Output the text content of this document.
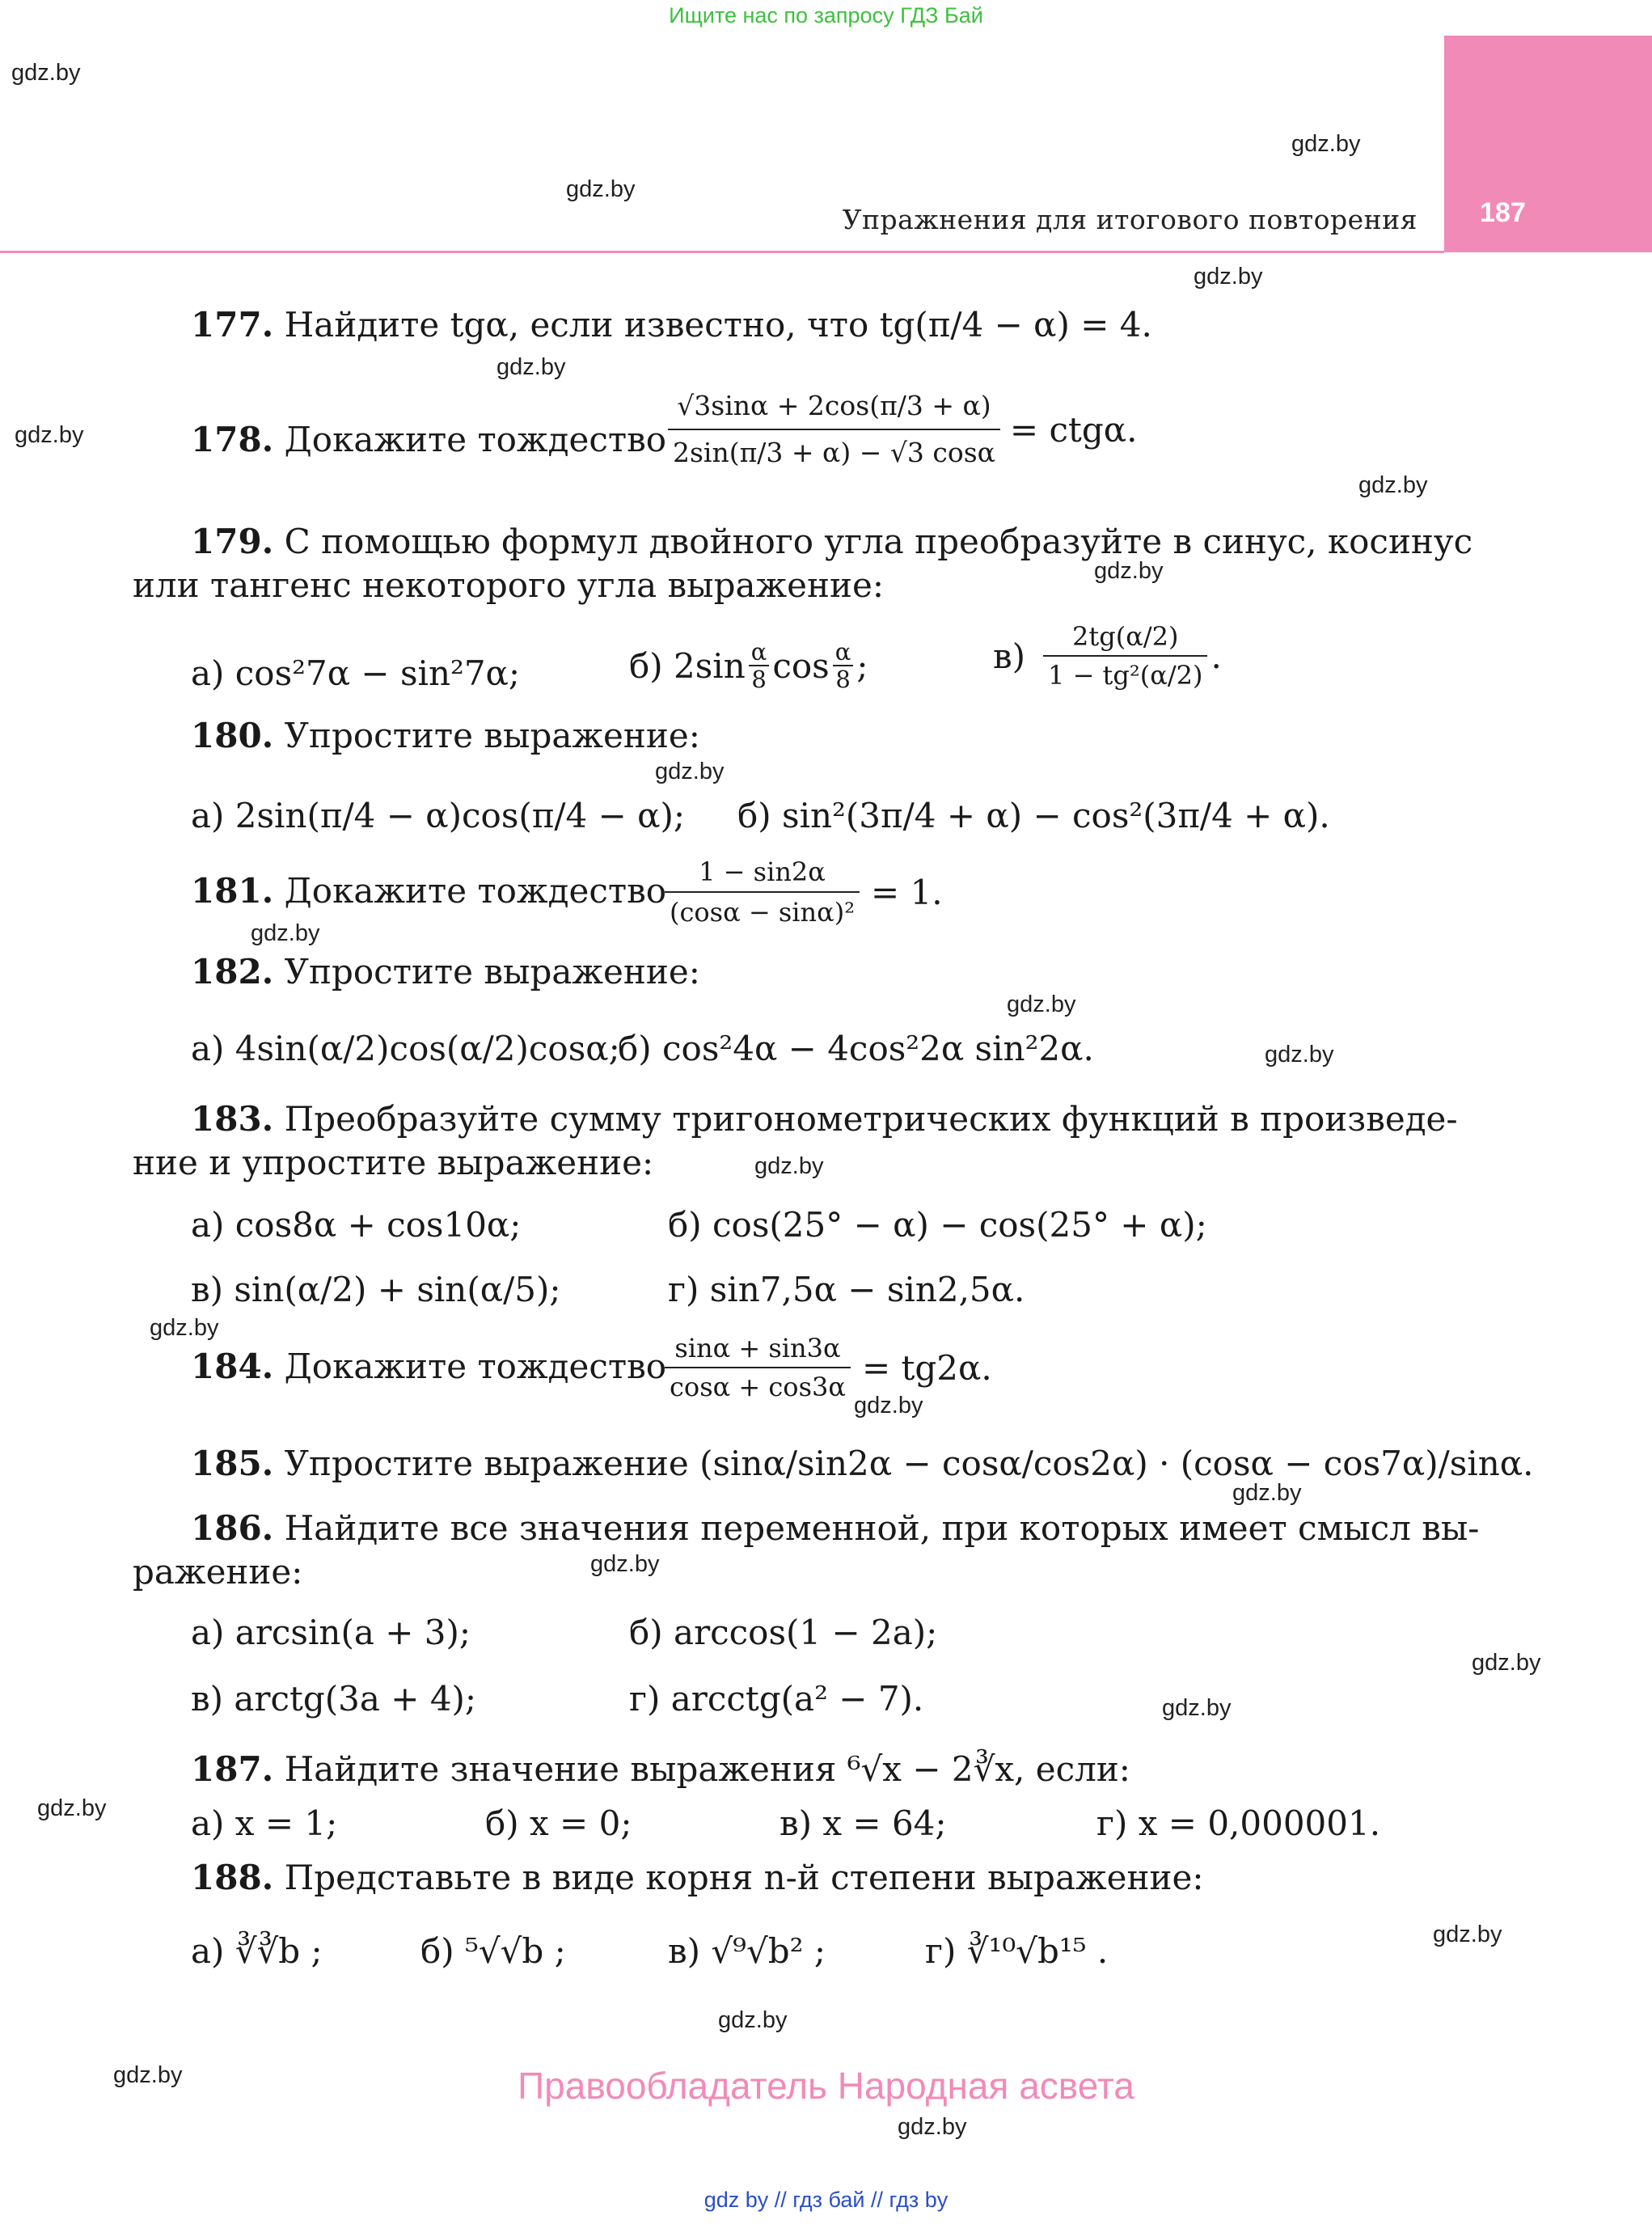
Ищите нас по запросу ГДЗ Бай
187
Упражнения для итогового повторения
gdz.by
gdz.by
gdz.by
gdz.by
gdz.by
gdz.by
gdz.by
gdz.by
gdz.by
gdz.by
gdz.by
gdz.by
gdz.by
gdz.by
gdz.by
gdz.by
gdz.by
gdz.by
gdz.by
gdz.by
gdz.by
gdz.by
gdz.by
gdz.by
177. Найдите tgα, если известно, что tg(π/4 − α) = 4.
178. Докажите тождество $\frac{√3\sin\alpha + 2\cos(\pi/3 + \alpha)}{2\sin(\pi/3 + \alpha) - √3 \cos\alpha} = ctg\alpha$.
179. С помощью формул двойного угла преобразуйте в синус, косинус
или тангенс некоторого угла выражение:
а) cos²7α − sin²7α;	б) $2\sin \frac{\alpha}{8}$ $\cos \frac{\alpha}{8}$ ;	$в) \frac{2tg(\alpha/2)}{\text{1 − tg²(α/2)}}$ .
180. Упростите выражение:
а) 2sin(π/4 − α)cos(π/4 − α); б) sin²(3π/4 + α) − cos²(3π/4 + α).
181. Докажите тождество
$\frac{1 - \sin 2\alpha}{\text{(cosα − sinα)²}} = 1$.
182. Упростите выражение:
а) 4sin(α/2)cos(α/2)cosα;
б) cos²4α − 4cos²2α sin²2α.
183. Преобразуйте сумму тригонометрических функций в произведе-
ние и упростите выражение:
а) cos8α + cos10α;	б) cos(25° − α) − cos(25° + α);
в) sin(α/2) + sin(α/5);	г) sin7,5α − sin2,5α.
184. Докажите тождество
$\frac{\sin\alpha + \sin 3\alpha}{\cos\alpha + \cos 3\alpha} = tg2\alpha$.
185. Упростите выражение (sinα/sin2α − cosα/cos2α) · (cosα − cos7α)/sinα.
186. Найдите все значения переменной, при которых имеет смысл вы-
ражение:
а) arcsin(a + 3);	б) arccos(1 − 2a);
в) arctg(3a + 4);	г) arcctg(a² − 7).
187. Найдите значение выражения ⁶√x − 2∛x, если:
а) x = 1;	б) x = 0;	в) x = 64;	г) x = 0,000001.
188. Представьте в виде корня n-й степени выражение:
а) ∛∛b ;	б) ⁵√√b ;	в) √⁹√b² ;	г) ∛¹⁰√b¹⁵ .
Правообладатель Народная асвета
gdz by // гдз бай // гдз by
